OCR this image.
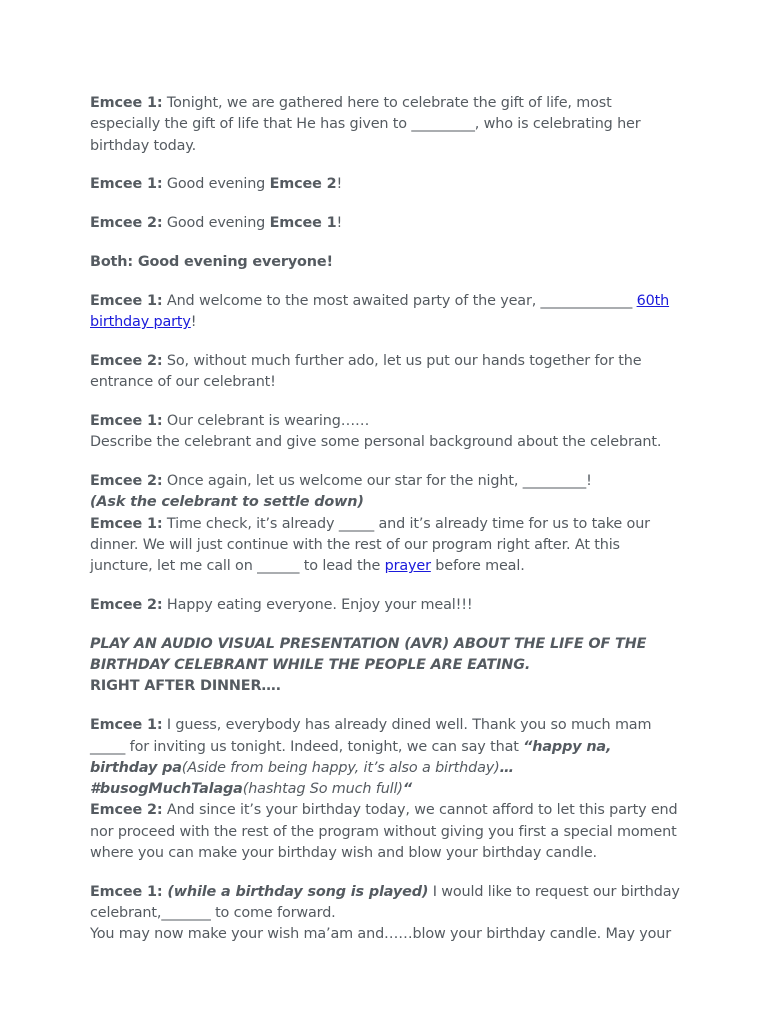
Emcee 1: Tonight, we are gathered here to celebrate the gift of life, most especially the gift of life that He has given to _________, who is celebrating her birthday today.

Emcee 1: Good evening Emcee 2!

Emcee 2: Good evening Emcee 1!

Both: Good evening everyone!

Emcee 1: And welcome to the most awaited party of the year, _____________ 60th birthday party!

Emcee 2: So, without much further ado, let us put our hands together for the entrance of our celebrant!

Emcee 1: Our celebrant is wearing……
Describe the celebrant and give some personal background about the celebrant.

Emcee 2: Once again, let us welcome our star for the night, _________!
(Ask the celebrant to settle down)
Emcee 1: Time check, it’s already _____ and it’s already time for us to take our dinner. We will just continue with the rest of our program right after. At this juncture, let me call on ______ to lead the prayer before meal.

Emcee 2: Happy eating everyone. Enjoy your meal!!!

PLAY AN AUDIO VISUAL PRESENTATION (AVR) ABOUT THE LIFE OF THE BIRTHDAY CELEBRANT WHILE THE PEOPLE ARE EATING.
RIGHT AFTER DINNER….

Emcee 1: I guess, everybody has already dined well. Thank you so much mam _____ for inviting us tonight. Indeed, tonight, we can say that “happy na, birthday pa(Aside from being happy, it’s also a birthday)… #busogMuchTalaga(hashtag So much full)“
Emcee 2: And since it’s your birthday today, we cannot afford to let this party end nor proceed with the rest of the program without giving you first a special moment where you can make your birthday wish and blow your birthday candle.

Emcee 1: (while a birthday song is played) I would like to request our birthday celebrant,_______ to come forward.
You may now make your wish ma’am and……blow your birthday candle. May your
